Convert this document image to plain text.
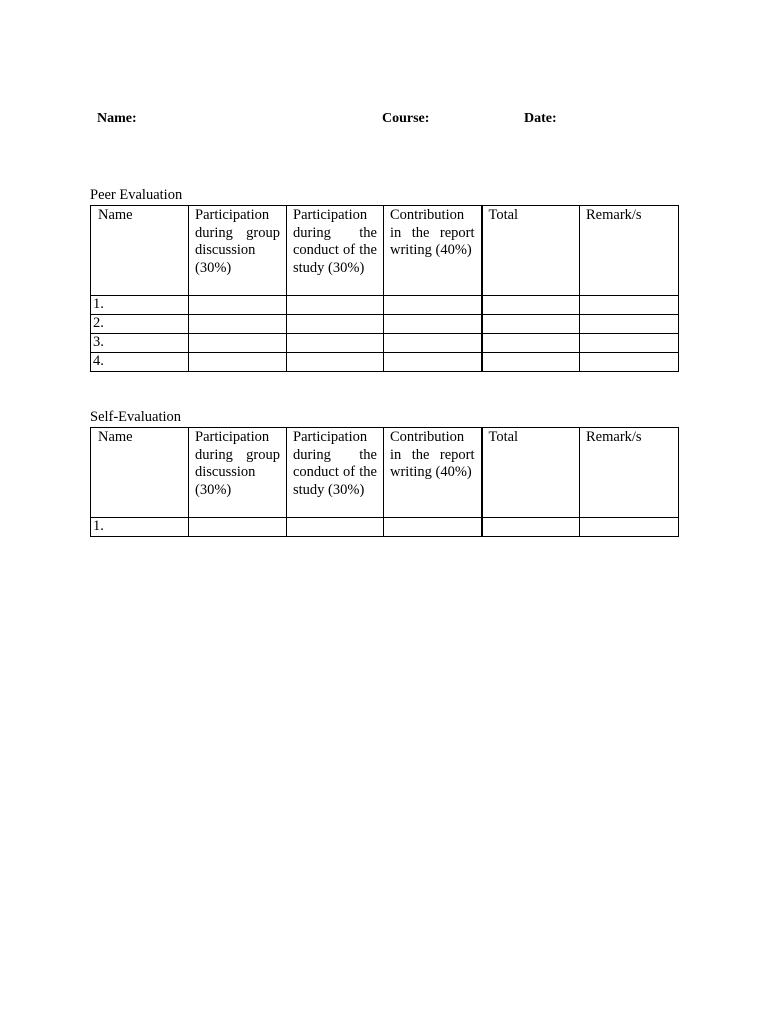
Name:	Course:	Date:
Peer Evaluation
Name	Participation during group discussion (30%)	Participation during the conduct of the study (30%)	Contribution in the report writing (40%)	Total	Remark/s
1.					
2.					
3.					
4.					
Self-Evaluation
Name	Participation during group discussion (30%)	Participation during the conduct of the study (30%)	Contribution in the report writing (40%)	Total	Remark/s
1.					
